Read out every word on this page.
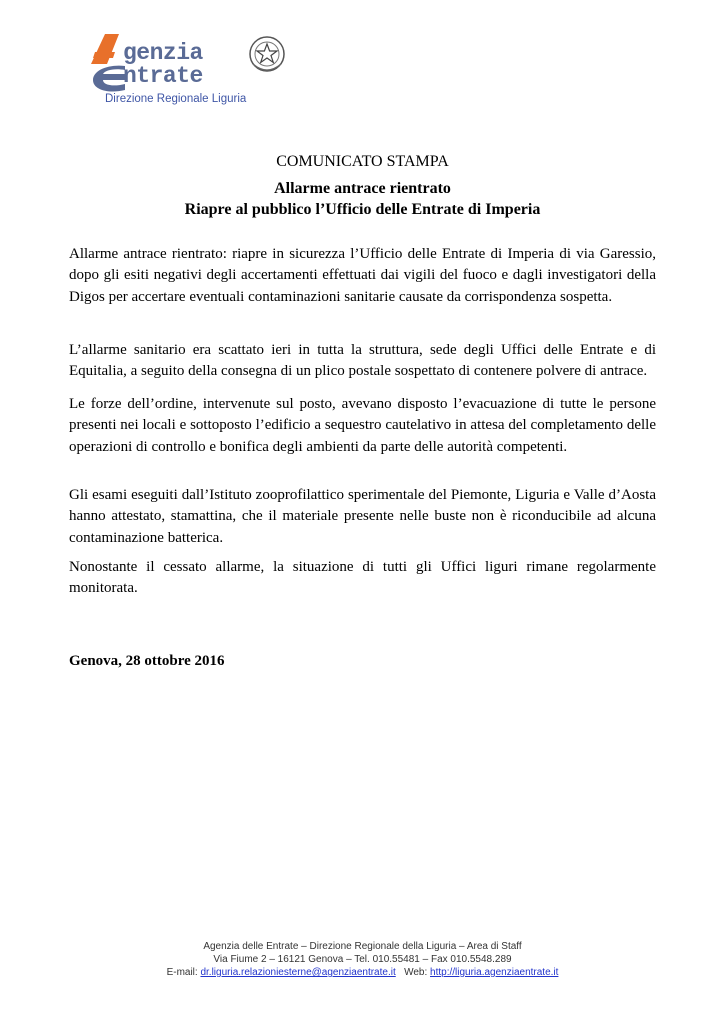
genzia
ntrate
Direzione Regionale Liguria
COMUNICATO STAMPA
Allarme antrace rientrato
Riapre al pubblico l’Ufficio delle Entrate di Imperia
Allarme antrace rientrato: riapre in sicurezza l’Ufficio delle Entrate di Imperia di via Garessio, dopo gli esiti negativi degli accertamenti effettuati dai vigili del fuoco e dagli investigatori della Digos per accertare eventuali contaminazioni sanitarie causate da corrispondenza sospetta.
L’allarme sanitario era scattato ieri in tutta la struttura, sede degli Uffici delle Entrate e di Equitalia, a seguito della consegna di un plico postale sospettato di contenere polvere di antrace.
Le forze dell’ordine, intervenute sul posto, avevano disposto l’evacuazione di tutte le persone presenti nei locali e sottoposto l’edificio a sequestro cautelativo in attesa del completamento delle operazioni di controllo e bonifica degli ambienti da parte delle autorità competenti.
Gli esami eseguiti dall’Istituto zooprofilattico sperimentale del Piemonte, Liguria e Valle d’Aosta hanno attestato, stamattina, che il materiale presente nelle buste non è riconducibile ad alcuna contaminazione batterica.
Nonostante il cessato allarme, la situazione di tutti gli Uffici liguri rimane regolarmente monitorata.
Genova, 28 ottobre 2016
Agenzia delle Entrate – Direzione Regionale della Liguria – Area di Staff
Via Fiume 2 – 16121 Genova – Tel. 010.55481 – Fax 010.5548.289
E-mail: dr.liguria.relazioniesterne@agenziaentrate.it Web: http://liguria.agenziaentrate.it
